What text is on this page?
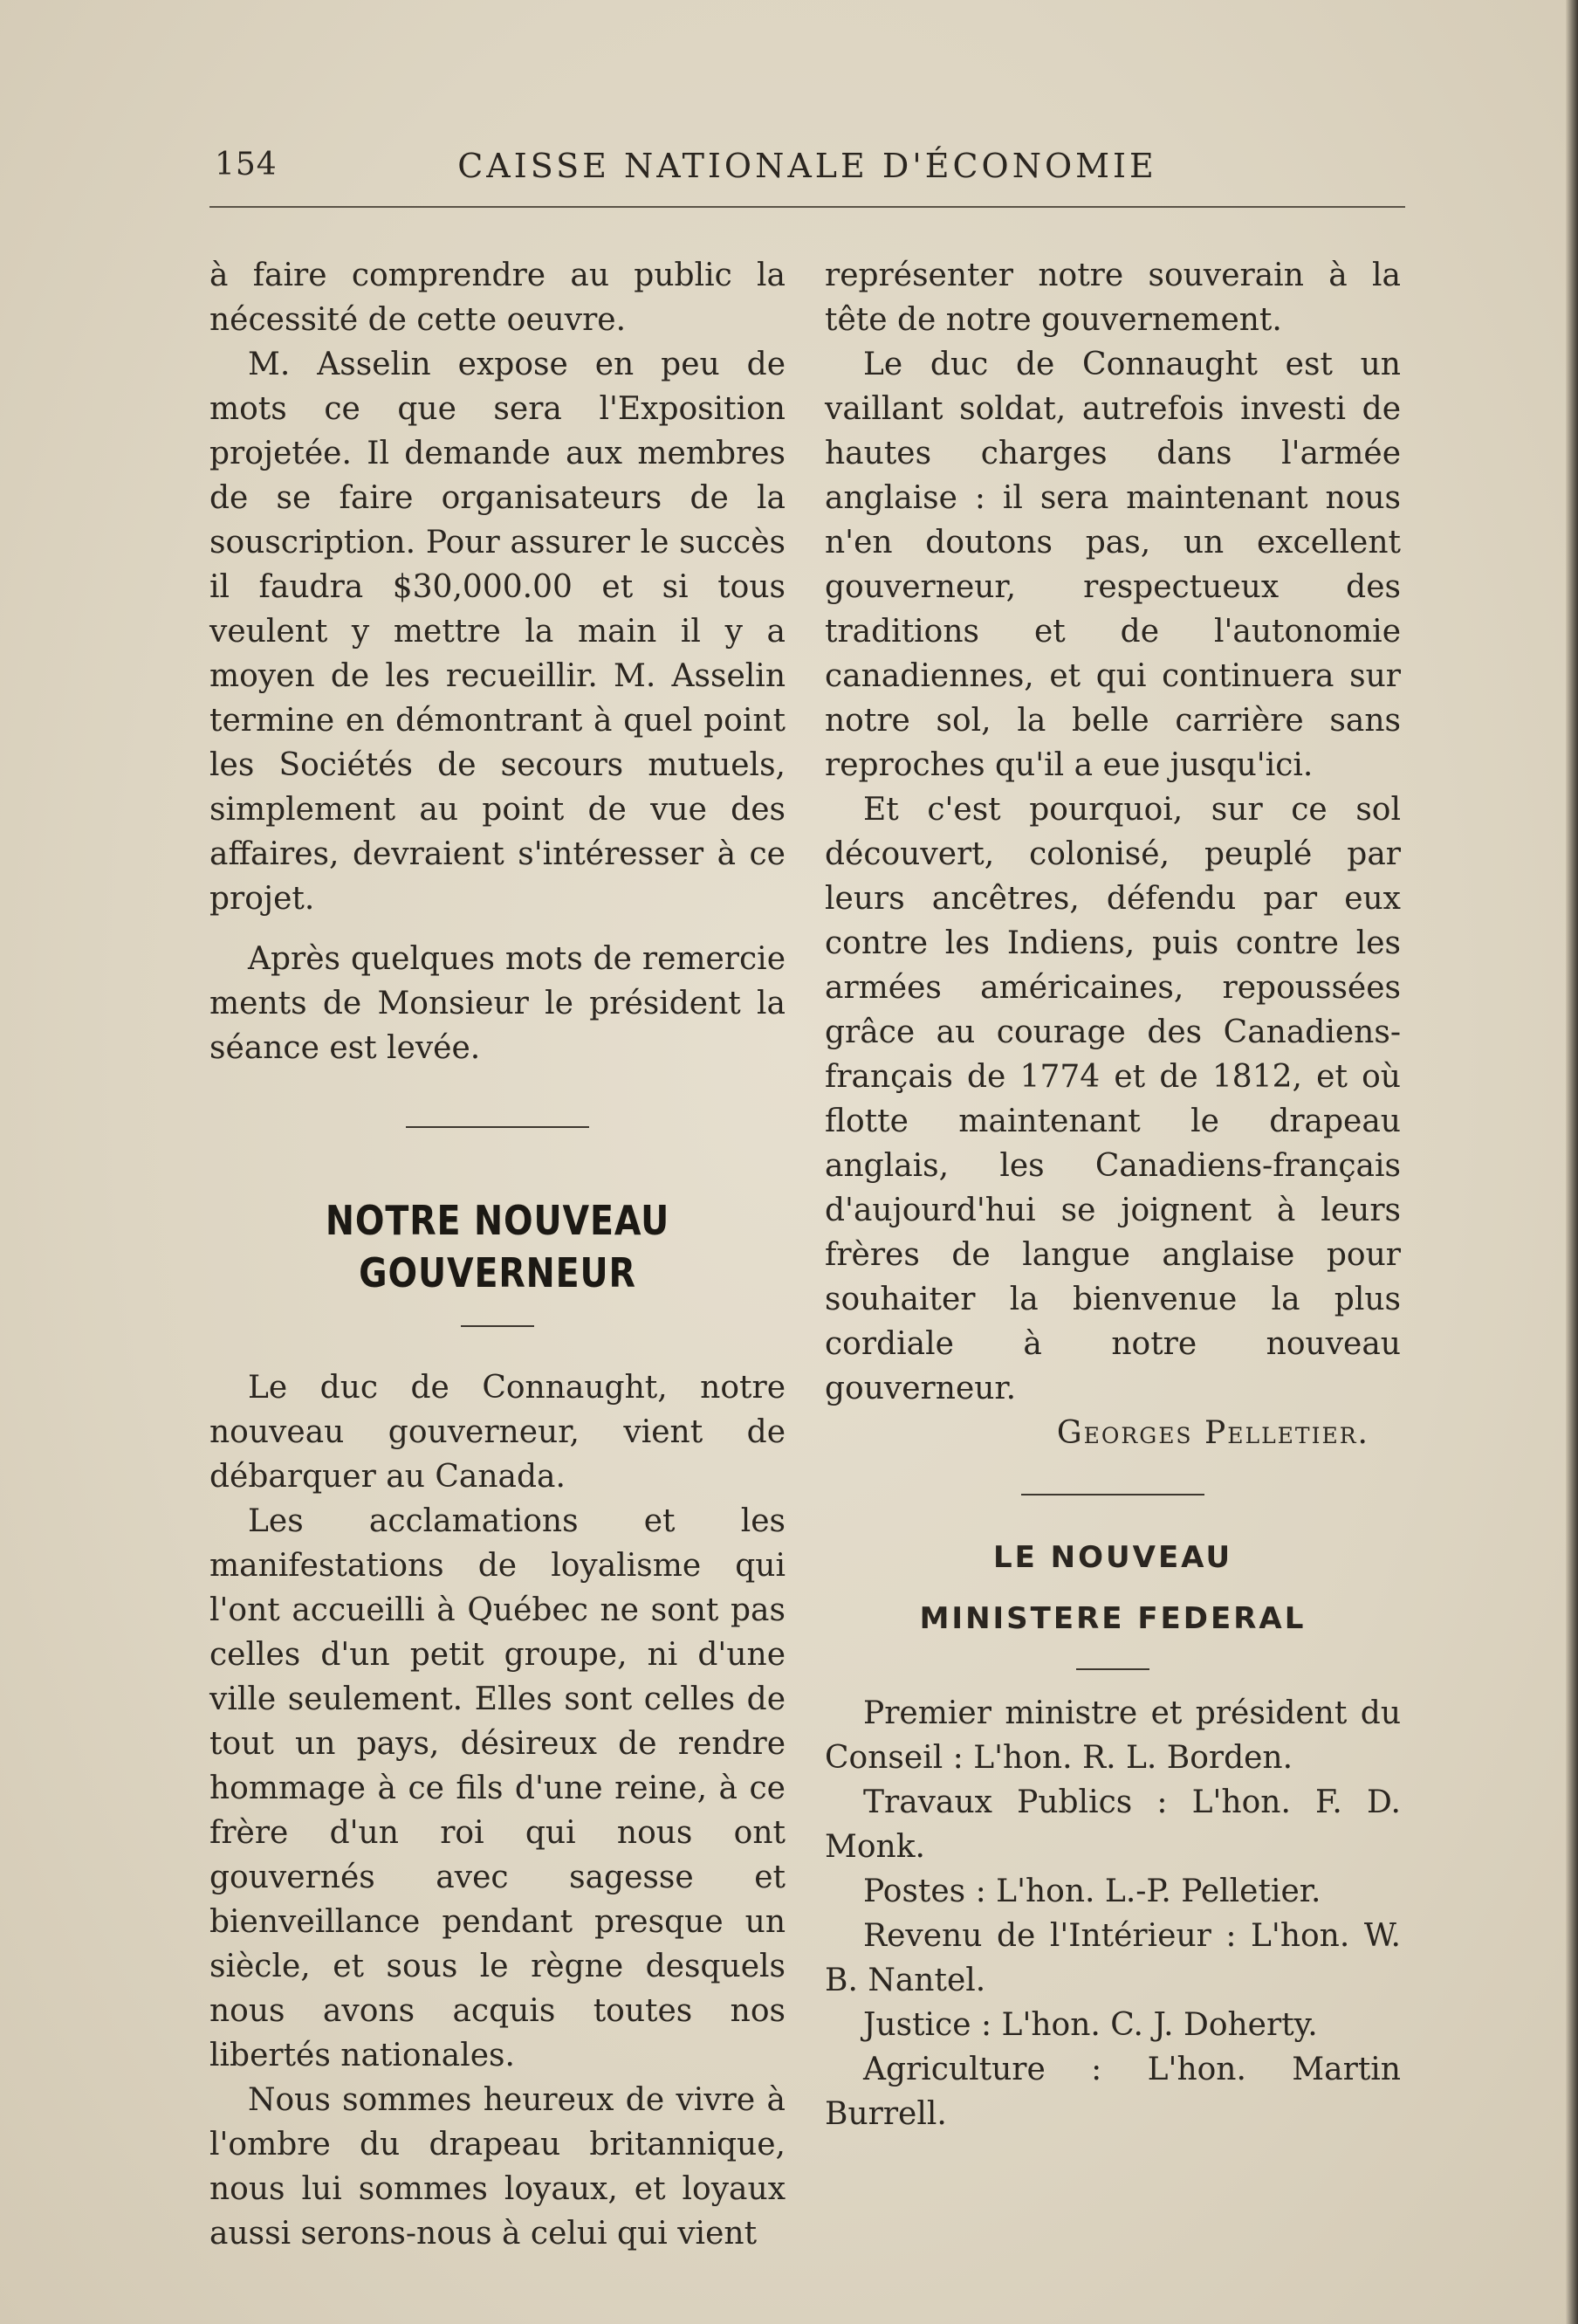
154	CAISSE NATIONALE D'ÉCONOMIE

à faire comprendre au public la nécessité de cette oeuvre.

M. Asselin expose en peu de mots ce que sera l'Exposition projetée. Il demande aux membres de se faire organisateurs de la souscription. Pour assurer le succès il faudra $30,000.00 et si tous veulent y mettre la main il y a moyen de les recueillir. M. Asselin termine en démontrant à quel point les Sociétés de secours mutuels, simplement au point de vue des affaires, devraient s'intéresser à ce projet.

Après quelques mots de remercie ments de Monsieur le président la séance est levée.

NOTRE NOUVEAU GOUVERNEUR

Le duc de Connaught, notre nouveau gouverneur, vient de débarquer au Canada.

Les acclamations et les manifestations de loyalisme qui l'ont accueilli à Québec ne sont pas celles d'un petit groupe, ni d'une ville seulement. Elles sont celles de tout un pays, désireux de rendre hommage à ce fils d'une reine, à ce frère d'un roi qui nous ont gouvernés avec sagesse et bienveillance pendant presque un siècle, et sous le règne desquels nous avons acquis toutes nos libertés nationales.

Nous sommes heureux de vivre à l'ombre du drapeau britannique, nous lui sommes loyaux, et loyaux aussi serons-nous à celui qui vient

représenter notre souverain à la tête de notre gouvernement.

Le duc de Connaught est un vaillant soldat, autrefois investi de hautes charges dans l'armée anglaise : il sera maintenant nous n'en doutons pas, un excellent gouverneur, respectueux des traditions et de l'autonomie canadiennes, et qui continuera sur notre sol, la belle carrière sans reproches qu'il a eue jusqu'ici.

Et c'est pourquoi, sur ce sol découvert, colonisé, peuplé par leurs ancêtres, défendu par eux contre les Indiens, puis contre les armées américaines, repoussées grâce au courage des Canadiens-français de 1774 et de 1812, et où flotte maintenant le drapeau anglais, les Canadiens-français d'aujourd'hui se joignent à leurs frères de langue anglaise pour souhaiter la bienvenue la plus cordiale à notre nouveau gouverneur.

Georges Pelletier.

LE NOUVEAU
MINISTERE FEDERAL

Premier ministre et président du Conseil : L'hon. R. L. Borden.

Travaux Publics : L'hon. F. D. Monk.

Postes : L'hon. L.-P. Pelletier.

Revenu de l'Intérieur : L'hon. W. B. Nantel.

Justice : L'hon. C. J. Doherty.

Agriculture : L'hon. Martin Burrell.
